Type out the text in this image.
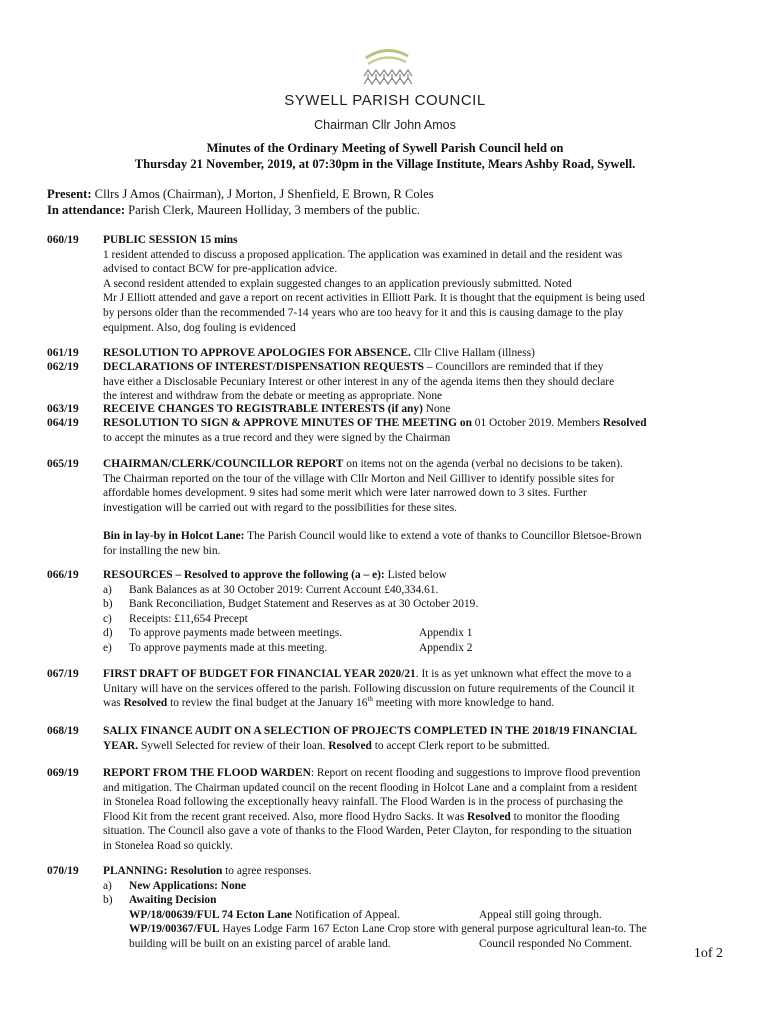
SYWELL PARISH COUNCIL
Chairman Cllr John Amos
Minutes of the Ordinary Meeting of Sywell Parish Council held on
Thursday 21 November, 2019, at 07:30pm in the Village Institute, Mears Ashby Road, Sywell.
Present: Cllrs J Amos (Chairman), J Morton, J Shenfield, E Brown, R Coles
In attendance: Parish Clerk, Maureen Holliday, 3 members of the public.
060/19	PUBLIC SESSION 15 mins
1 resident attended to discuss a proposed application. The application was examined in detail and the resident was
advised to contact BCW for pre-application advice.
A second resident attended to explain suggested changes to an application previously submitted. Noted
Mr J Elliott attended and gave a report on recent activities in Elliott Park. It is thought that the equipment is being used
by persons older than the recommended 7-14 years who are too heavy for it and this is causing damage to the play
equipment. Also, dog fouling is evidenced
061/19	RESOLUTION TO APPROVE APOLOGIES FOR ABSENCE. Cllr Clive Hallam (illness)
062/19	DECLARATIONS OF INTEREST/DISPENSATION REQUESTS – Councillors are reminded that if they
have either a Disclosable Pecuniary Interest or other interest in any of the agenda items then they should declare
the interest and withdraw from the debate or meeting as appropriate. None
063/19	RECEIVE CHANGES TO REGISTRABLE INTERESTS (if any) None
064/19	RESOLUTION TO SIGN & APPROVE MINUTES OF THE MEETING on 01 October 2019. Members Resolved
to accept the minutes as a true record and they were signed by the Chairman
065/19	CHAIRMAN/CLERK/COUNCILLOR REPORT on items not on the agenda (verbal no decisions to be taken).
The Chairman reported on the tour of the village with Cllr Morton and Neil Gilliver to identify possible sites for
affordable homes development. 9 sites had some merit which were later narrowed down to 3 sites. Further
investigation will be carried out with regard to the possibilities for these sites.
Bin in lay-by in Holcot Lane: The Parish Council would like to extend a vote of thanks to Councillor Bletsoe-Brown
for installing the new bin.
066/19	RESOURCES – Resolved to approve the following (a – e): Listed below
a)	Bank Balances as at 30 October 2019: Current Account £40,334.61.
b)	Bank Reconciliation, Budget Statement and Reserves as at 30 October 2019.
c)	Receipts: £11,654 Precept
d)	To approve payments made between meetings.	Appendix 1
e)	To approve payments made at this meeting.	Appendix 2
067/19	FIRST DRAFT OF BUDGET FOR FINANCIAL YEAR 2020/21. It is as yet unknown what effect the move to a
Unitary will have on the services offered to the parish. Following discussion on future requirements of the Council it
was Resolved to review the final budget at the January 16th meeting with more knowledge to hand.
068/19	SALIX FINANCE AUDIT ON A SELECTION OF PROJECTS COMPLETED IN THE 2018/19 FINANCIAL
YEAR. Sywell Selected for review of their loan. Resolved to accept Clerk report to be submitted.
069/19	REPORT FROM THE FLOOD WARDEN: Report on recent flooding and suggestions to improve flood prevention
and mitigation. The Chairman updated council on the recent flooding in Holcot Lane and a complaint from a resident
in Stonelea Road following the exceptionally heavy rainfall. The Flood Warden is in the process of purchasing the
Flood Kit from the recent grant received. Also, more flood Hydro Sacks. It was Resolved to monitor the flooding
situation. The Council also gave a vote of thanks to the Flood Warden, Peter Clayton, for responding to the situation
in Stonelea Road so quickly.
070/19	PLANNING: Resolution to agree responses.
a)	New Applications: None
b)	Awaiting Decision
WP/18/00639/FUL 74 Ecton Lane Notification of Appeal.	Appeal still going through.
WP/19/00367/FUL Hayes Lodge Farm 167 Ecton Lane Crop store with general purpose agricultural lean-to. The
building will be built on an existing parcel of arable land.	Council responded No Comment.
1of 2
